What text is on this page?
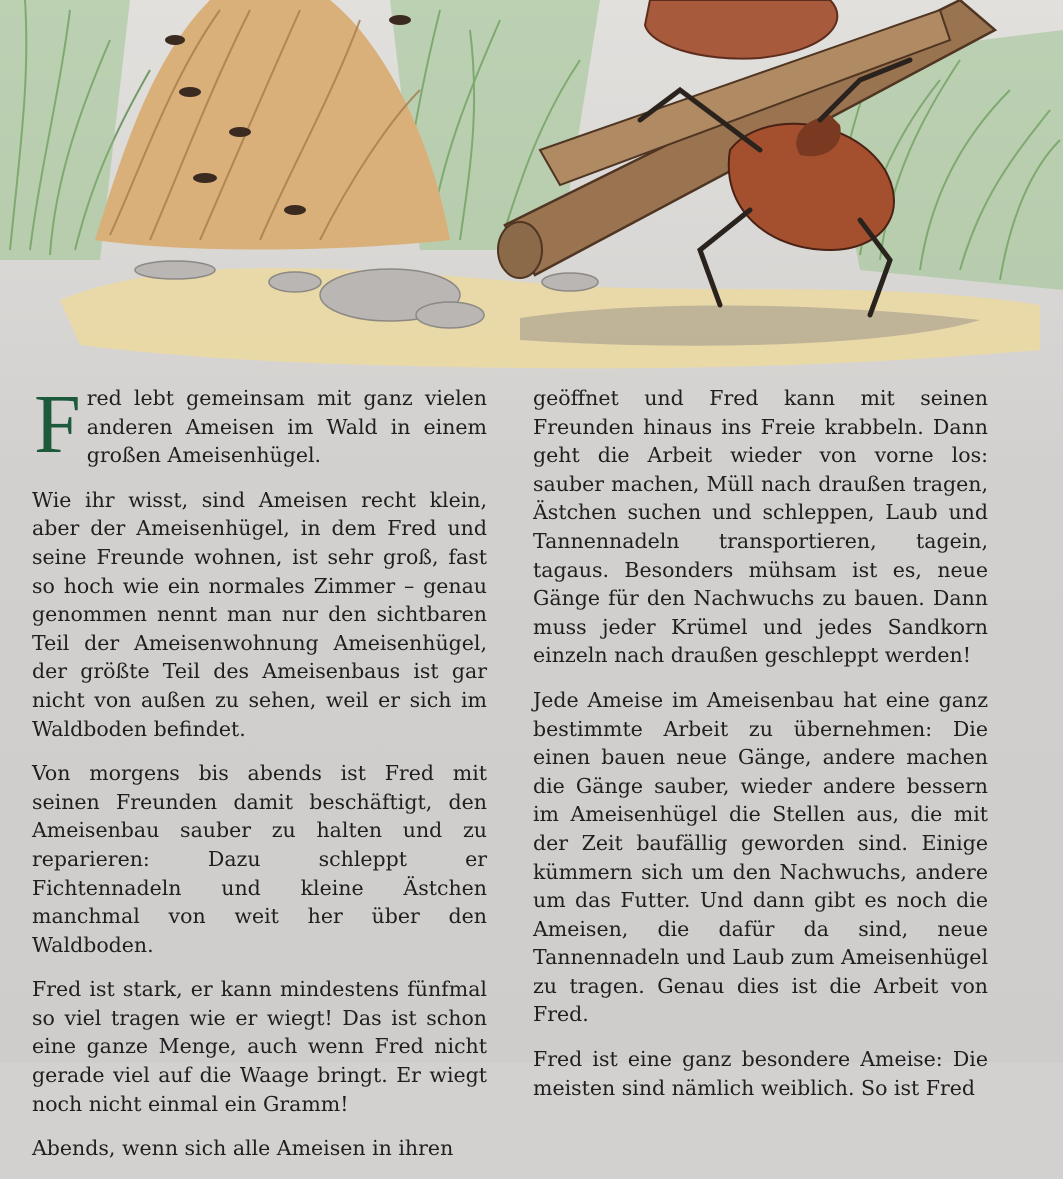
Fred lebt gemeinsam mit ganz vielen anderen Ameisen im Wald in einem großen Ameisenhügel.

Wie ihr wisst, sind Ameisen recht klein, aber der Ameisenhügel, in dem Fred und seine Freunde wohnen, ist sehr groß, fast so hoch wie ein normales Zimmer – genau genommen nennt man nur den sichtbaren Teil der Ameisenwohnung Ameisenhügel, der größte Teil des Ameisenbaus ist gar nicht von außen zu sehen, weil er sich im Waldboden befindet.

Von morgens bis abends ist Fred mit seinen Freunden damit beschäftigt, den Ameisenbau sauber zu halten und zu reparieren: Dazu schleppt er Fichtennadeln und kleine Ästchen manchmal von weit her über den Waldboden.

Fred ist stark, er kann mindestens fünfmal so viel tragen wie er wiegt! Das ist schon eine ganze Menge, auch wenn Fred nicht gerade viel auf die Waage bringt. Er wiegt noch nicht einmal ein Gramm!

Abends, wenn sich alle Ameisen in ihren

geöffnet und Fred kann mit seinen Freunden hinaus ins Freie krabbeln. Dann geht die Arbeit wieder von vorne los: sauber machen, Müll nach draußen tragen, Ästchen suchen und schleppen, Laub und Tannennadeln transportieren, tagein, tagaus. Besonders mühsam ist es, neue Gänge für den Nachwuchs zu bauen. Dann muss jeder Krümel und jedes Sandkorn einzeln nach draußen geschleppt werden!

Jede Ameise im Ameisenbau hat eine ganz bestimmte Arbeit zu übernehmen: Die einen bauen neue Gänge, andere machen die Gänge sauber, wieder andere bessern im Ameisenhügel die Stellen aus, die mit der Zeit baufällig geworden sind. Einige kümmern sich um den Nachwuchs, andere um das Futter. Und dann gibt es noch die Ameisen, die dafür da sind, neue Tannennadeln und Laub zum Ameisenhügel zu tragen. Genau dies ist die Arbeit von Fred.

Fred ist eine ganz besondere Ameise: Die meisten sind nämlich weiblich. So ist Fred
